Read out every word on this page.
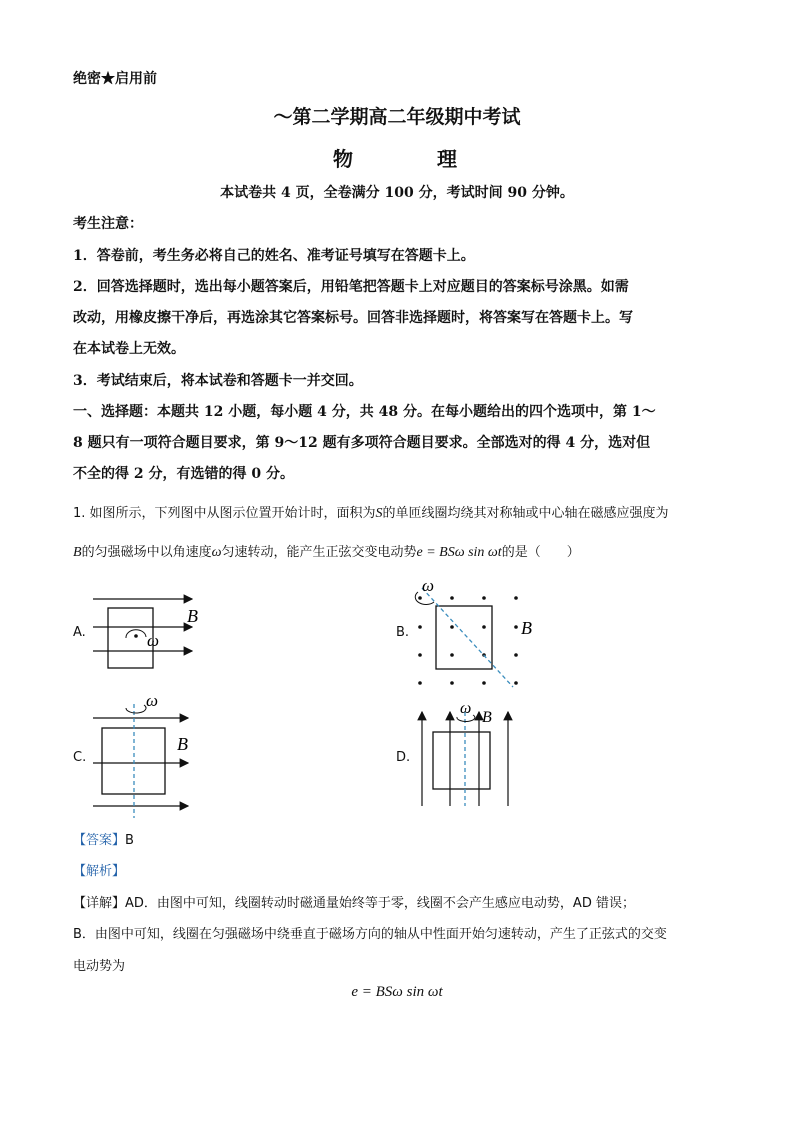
绝密★启用前
～第二学期高二年级期中考试
物	理
本试卷共 4 页，全卷满分 100 分，考试时间 90 分钟。
考生注意：
1．答卷前，考生务必将自己的姓名、准考证号填写在答题卡上。
2．回答选择题时，选出每小题答案后，用铅笔把答题卡上对应题目的答案标号涂黑。如需
改动，用橡皮擦干净后，再选涂其它答案标号。回答非选择题时，将答案写在答题卡上。写
在本试卷上无效。
3．考试结束后，将本试卷和答题卡一并交回。
一、选择题：本题共 12 小题，每小题 4 分，共 48 分。在每小题给出的四个选项中，第 1～
8 题只有一项符合题目要求，第 9～12 题有多项符合题目要求。全部选对的得 4 分，选对但
不全的得 2 分，有选错的得 0 分。
1. 如图所示，下列图中从图示位置开始计时，面积为S的单匝线圈均绕其对称轴或中心轴在磁感应强度为
B的匀强磁场中以角速度ω匀速转动，能产生正弦交变电动势e = BSω sin ωt的是（　　）
A.	B.
C.	D.
ω
B
ω
B
ω
B
ω
B
【答案】B
【解析】
【详解】AD．由图中可知，线圈转动时磁通量始终等于零，线圈不会产生感应电动势，AD 错误；
B．由图中可知，线圈在匀强磁场中绕垂直于磁场方向的轴从中性面开始匀速转动，产生了正弦式的交变
电动势为
e = BSω sin ωt
